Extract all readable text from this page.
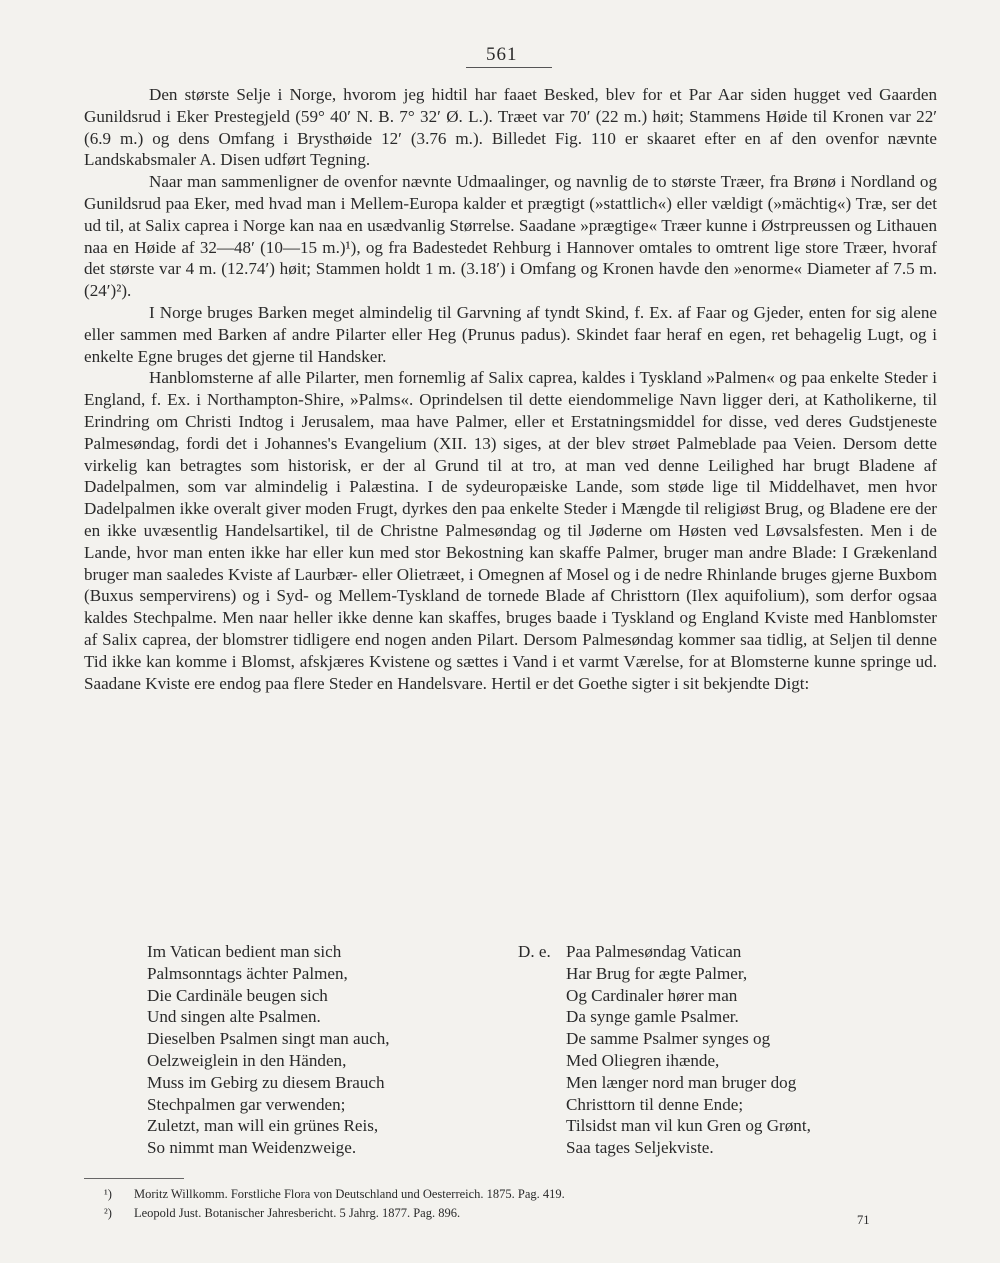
561

Den største Selje i Norge, hvorom jeg hidtil har faaet Besked, blev for et Par Aar siden hugget ved Gaarden Gunildsrud i Eker Prestegjeld (59° 40′ N. B. 7° 32′ Ø. L.). Træet var 70′ (22 m.) høit; Stammens Høide til Kronen var 22′ (6.9 m.) og dens Omfang i Brysthøide 12′ (3.76 m.). Billedet Fig. 110 er skaaret efter en af den ovenfor nævnte Landskabsmaler A. Disen udført Tegning.

Naar man sammenligner de ovenfor nævnte Udmaalinger, og navnlig de to største Træer, fra Brønø i Nordland og Gunildsrud paa Eker, med hvad man i Mellem-Europa kalder et prægtigt (»stattlich«) eller vældigt (»mächtig«) Træ, ser det ud til, at Salix caprea i Norge kan naa en usædvanlig Størrelse. Saadane »prægtige« Træer kunne i Østrpreussen og Lithauen naa en Høide af 32—48′ (10—15 m.)¹), og fra Badestedet Rehburg i Hannover omtales to omtrent lige store Træer, hvoraf det største var 4 m. (12.74′) høit; Stammen holdt 1 m. (3.18′) i Omfang og Kronen havde den »enorme« Diameter af 7.5 m. (24′)²).

I Norge bruges Barken meget almindelig til Garvning af tyndt Skind, f. Ex. af Faar og Gjeder, enten for sig alene eller sammen med Barken af andre Pilarter eller Heg (Prunus padus). Skindet faar heraf en egen, ret behagelig Lugt, og i enkelte Egne bruges det gjerne til Handsker.

Hanblomsterne af alle Pilarter, men fornemlig af Salix caprea, kaldes i Tyskland »Palmen« og paa enkelte Steder i England, f. Ex. i Northampton-Shire, »Palms«. Oprindelsen til dette eiendommelige Navn ligger deri, at Katholikerne, til Erindring om Christi Indtog i Jerusalem, maa have Palmer, eller et Erstatningsmiddel for disse, ved deres Gudstjeneste Palmesøndag, fordi det i Johannes's Evangelium (XII. 13) siges, at der blev strøet Palmeblade paa Veien. Dersom dette virkelig kan betragtes som historisk, er der al Grund til at tro, at man ved denne Leilighed har brugt Bladene af Dadelpalmen, som var almindelig i Palæstina. I de sydeuropæiske Lande, som støde lige til Middelhavet, men hvor Dadelpalmen ikke overalt giver moden Frugt, dyrkes den paa enkelte Steder i Mængde til religiøst Brug, og Bladene ere der en ikke uvæsentlig Handelsartikel, til de Christne Palmesøndag og til Jøderne om Høsten ved Løvsalsfesten. Men i de Lande, hvor man enten ikke har eller kun med stor Bekostning kan skaffe Palmer, bruger man andre Blade: I Grækenland bruger man saaledes Kviste af Laurbær- eller Olietræet, i Omegnen af Mosel og i de nedre Rhinlande bruges gjerne Buxbom (Buxus sempervirens) og i Syd- og Mellem-Tyskland de tornede Blade af Christtorn (Ilex aquifolium), som derfor ogsaa kaldes Stechpalme. Men naar heller ikke denne kan skaffes, bruges baade i Tyskland og England Kviste med Hanblomster af Salix caprea, der blomstrer tidligere end nogen anden Pilart. Dersom Palmesøndag kommer saa tidlig, at Seljen til denne Tid ikke kan komme i Blomst, afskjæres Kvistene og sættes i Vand i et varmt Værelse, for at Blomsterne kunne springe ud. Saadane Kviste ere endog paa flere Steder en Handelsvare. Hertil er det Goethe sigter i sit bekjendte Digt:

Im Vatican bedient man sich
Palmsonntags ächter Palmen,
Die Cardinäle beugen sich
Und singen alte Psalmen.
Dieselben Psalmen singt man auch,
Oelzweiglein in den Händen,
Muss im Gebirg zu diesem Brauch
Stechpalmen gar verwenden;
Zuletzt, man will ein grünes Reis,
So nimmt man Weidenzweige.
D. e. Paa Palmesøndag Vatican
Har Brug for ægte Palmer,
Og Cardinaler hører man
Da synge gamle Psalmer.
De samme Psalmer synges og
Med Oliegren ihænde,
Men længer nord man bruger dog
Christtorn til denne Ende;
Tilsidst man vil kun Gren og Grønt,
Saa tages Seljekviste.
¹) Moritz Willkomm. Forstliche Flora von Deutschland und Oesterreich. 1875. Pag. 419.
²) Leopold Just. Botanischer Jahresbericht. 5 Jahrg. 1877. Pag. 896.	71
